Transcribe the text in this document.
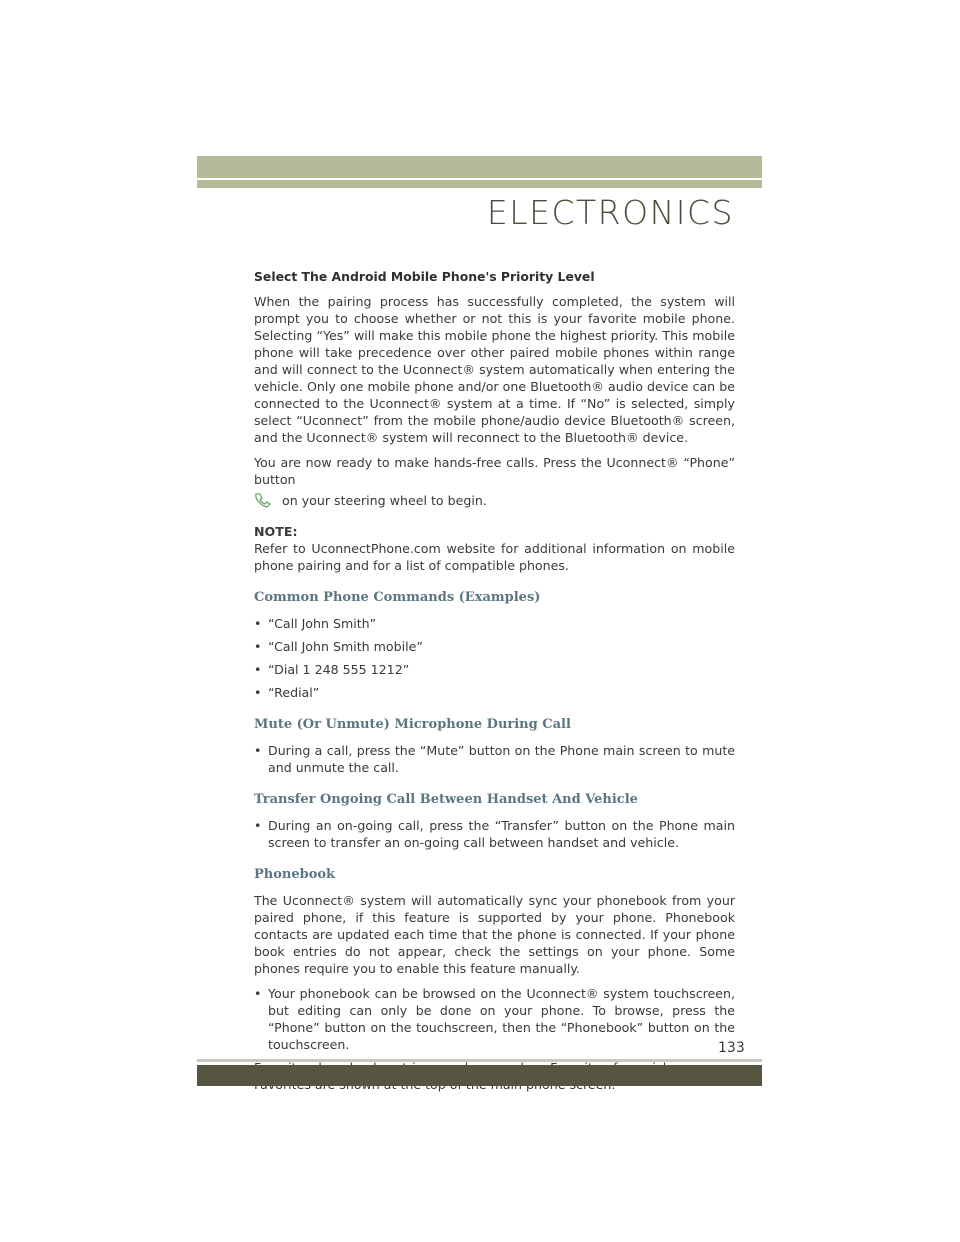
ELECTRONICS
Select The Android Mobile Phone's Priority Level

When the pairing process has successfully completed, the system will prompt you to choose whether or not this is your favorite mobile phone. Selecting “Yes” will make this mobile phone the highest priority. This mobile phone will take precedence over other paired mobile phones within range and will connect to the Uconnect® system automatically when entering the vehicle. Only one mobile phone and/or one Bluetooth® audio device can be connected to the Uconnect® system at a time. If “No” is selected, simply select “Uconnect” from the mobile phone/audio device Bluetooth® screen, and the Uconnect® system will reconnect to the Bluetooth® device.

You are now ready to make hands-free calls. Press the Uconnect® “Phone” button

on your steering wheel to begin.
NOTE:

Refer to UconnectPhone.com website for additional information on mobile phone pairing and for a list of compatible phones.

Common Phone Commands (Examples)
• “Call John Smith”
• “Call John Smith mobile”
• “Dial 1 248 555 1212”
• “Redial”
Mute (Or Unmute) Microphone During Call
• During a call, press the “Mute” button on the Phone main screen to mute and unmute the call.
Transfer Ongoing Call Between Handset And Vehicle
• During an on-going call, press the “Transfer” button on the Phone main screen to transfer an on-going call between handset and vehicle.
Phonebook

The Uconnect® system will automatically sync your phonebook from your paired phone, if this feature is supported by your phone. Phonebook contacts are updated each time that the phone is connected. If your phone book entries do not appear, check the settings on your phone. Some phones require you to enable this feature manually.

• Your phonebook can be browsed on the Uconnect® system touchscreen, but editing can only be done on your phone. To browse, press the “Phone” button on the touchscreen, then the “Phonebook” button on the touchscreen.	133
